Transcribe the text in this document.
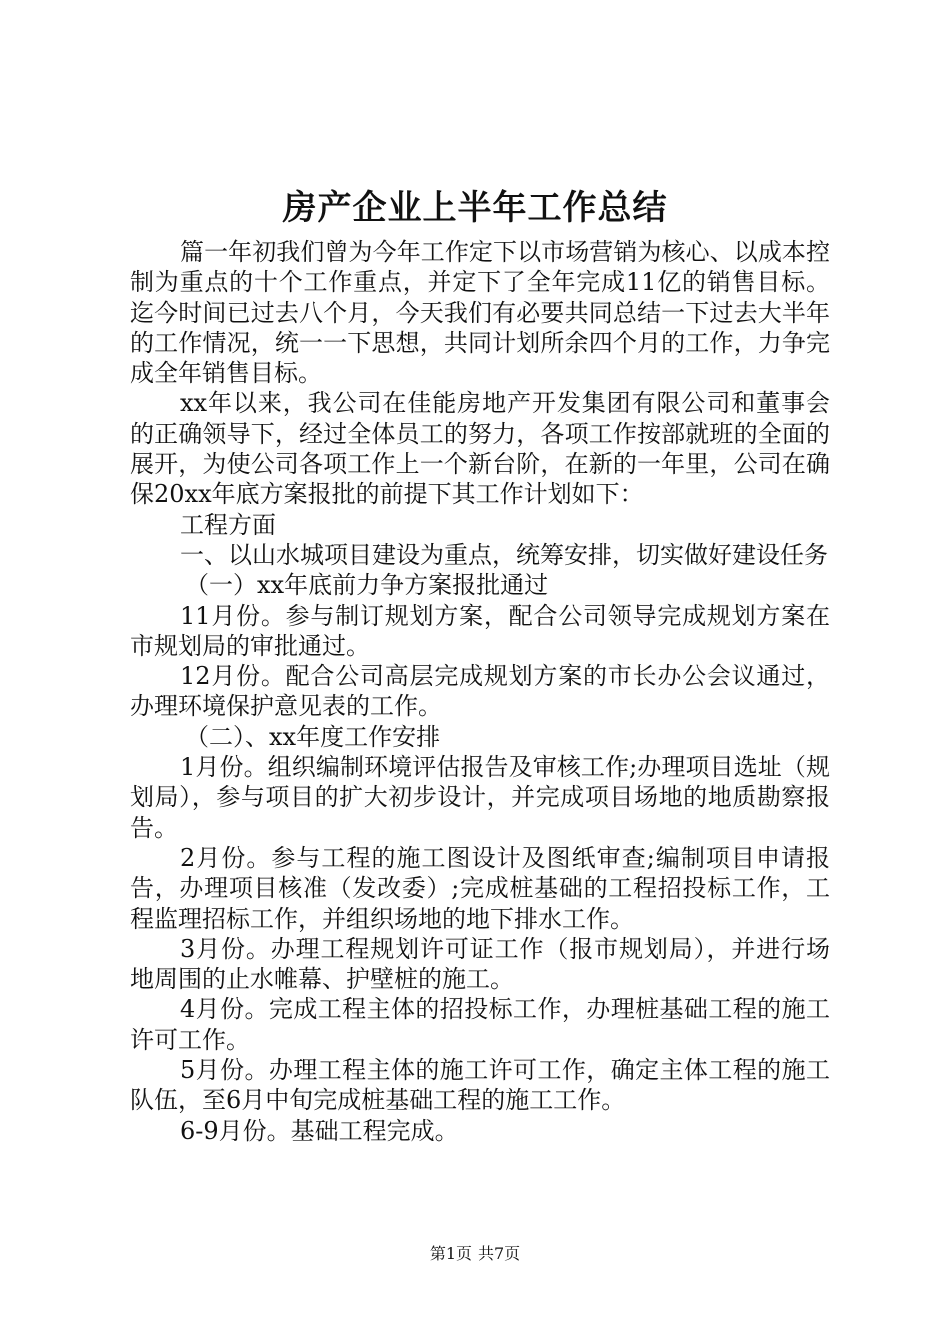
房产企业上半年工作总结

篇一年初我们曾为今年工作定下以市场营销为核心、以成本控制为重点的十个工作重点，并定下了全年完成11亿的销售目标。迄今时间已过去八个月，今天我们有必要共同总结一下过去大半年的工作情况，统一一下思想，共同计划所余四个月的工作，力争完成全年销售目标。

xx年以来，我公司在佳能房地产开发集团有限公司和董事会的正确领导下，经过全体员工的努力，各项工作按部就班的全面的展开，为使公司各项工作上一个新台阶，在新的一年里，公司在确保20xx年底方案报批的前提下其工作计划如下：

工程方面

一、以山水城项目建设为重点，统筹安排，切实做好建设任务

（一）xx年底前力争方案报批通过

11月份。参与制订规划方案，配合公司领导完成规划方案在市规划局的审批通过。

12月份。配合公司高层完成规划方案的市长办公会议通过，办理环境保护意见表的工作。

（二）、xx年度工作安排

1月份。组织编制环境评估报告及审核工作;办理项目选址（规划局），参与项目的扩大初步设计，并完成项目场地的地质勘察报告。

2月份。参与工程的施工图设计及图纸审查;编制项目申请报告，办理项目核准（发改委）;完成桩基础的工程招投标工作，工程监理招标工作，并组织场地的地下排水工作。

3月份。办理工程规划许可证工作（报市规划局），并进行场地周围的止水帷幕、护壁桩的施工。

4月份。完成工程主体的招投标工作，办理桩基础工程的施工许可工作。

5月份。办理工程主体的施工许可工作，确定主体工程的施工队伍，至6月中旬完成桩基础工程的施工工作。

6-9月份。基础工程完成。

第1页 共7页
